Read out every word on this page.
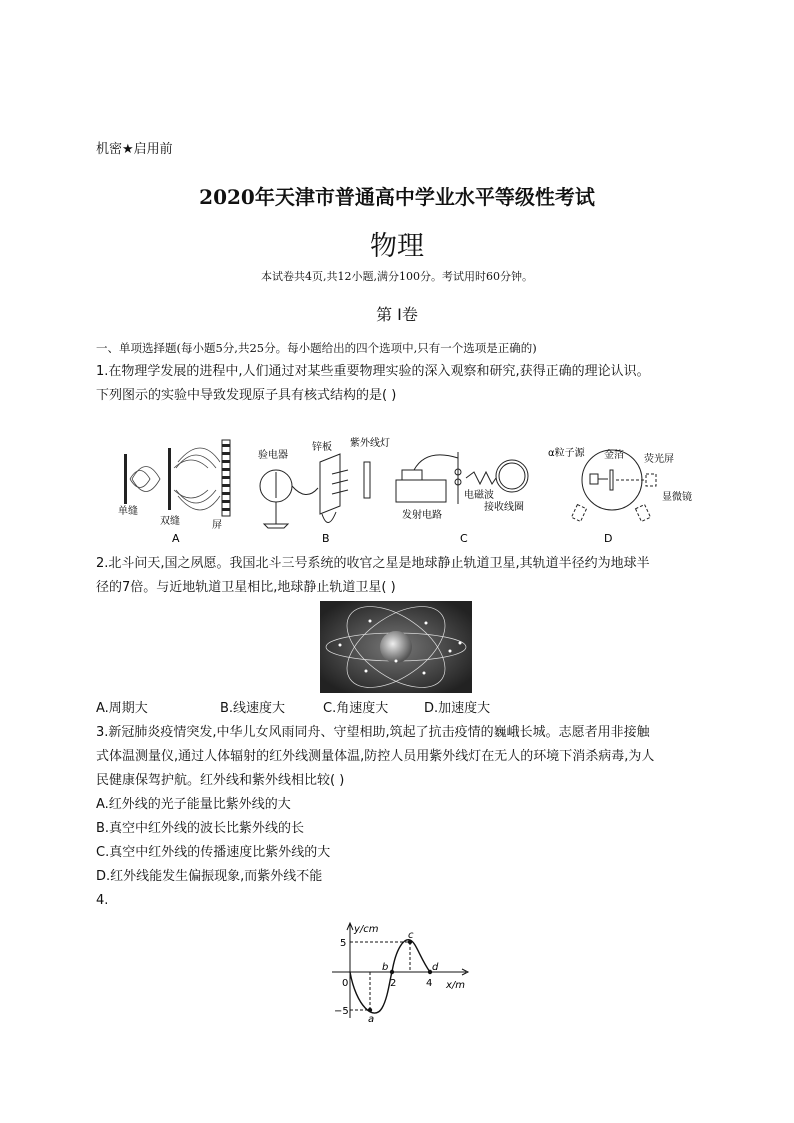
机密★启用前
2020年天津市普通高中学业水平等级性考试
物理
本试卷共4页,共12小题,满分100分。考试用时60分钟。
第 Ⅰ卷
一、单项选择题(每小题5分,共25分。每小题给出的四个选项中,只有一个选项是正确的)
1.在物理学发展的进程中,人们通过对某些重要物理实验的深入观察和研究,获得正确的理论认识。
下列图示的实验中导致发现原子具有核式结构的是( )
单缝
双缝	屏
A
验电器
锌板 紫外线灯
B
发射电路
电磁波
接收线圈
C
α粒子源 金箔 荧光屏
显微镜
D
2.北斗问天,国之夙愿。我国北斗三号系统的收官之星是地球静止轨道卫星,其轨道半径约为地球半
径的7倍。与近地轨道卫星相比,地球静止轨道卫星( )
A.周期大	B.线速度大	C.角速度大	D.加速度大
3.新冠肺炎疫情突发,中华儿女风雨同舟、守望相助,筑起了抗击疫情的巍峨长城。志愿者用非接触
式体温测量仪,通过人体辐射的红外线测量体温,防控人员用紫外线灯在无人的环境下消杀病毒,为人
民健康保驾护航。红外线和紫外线相比较( )
A.红外线的光子能量比紫外线的大
B.真空中红外线的波长比紫外线的长
C.真空中红外线的传播速度比紫外线的大
D.红外线能发生偏振现象,而紫外线不能
4.
y/cm
x/m
5
−5
0	2	4
a
b
c
d
